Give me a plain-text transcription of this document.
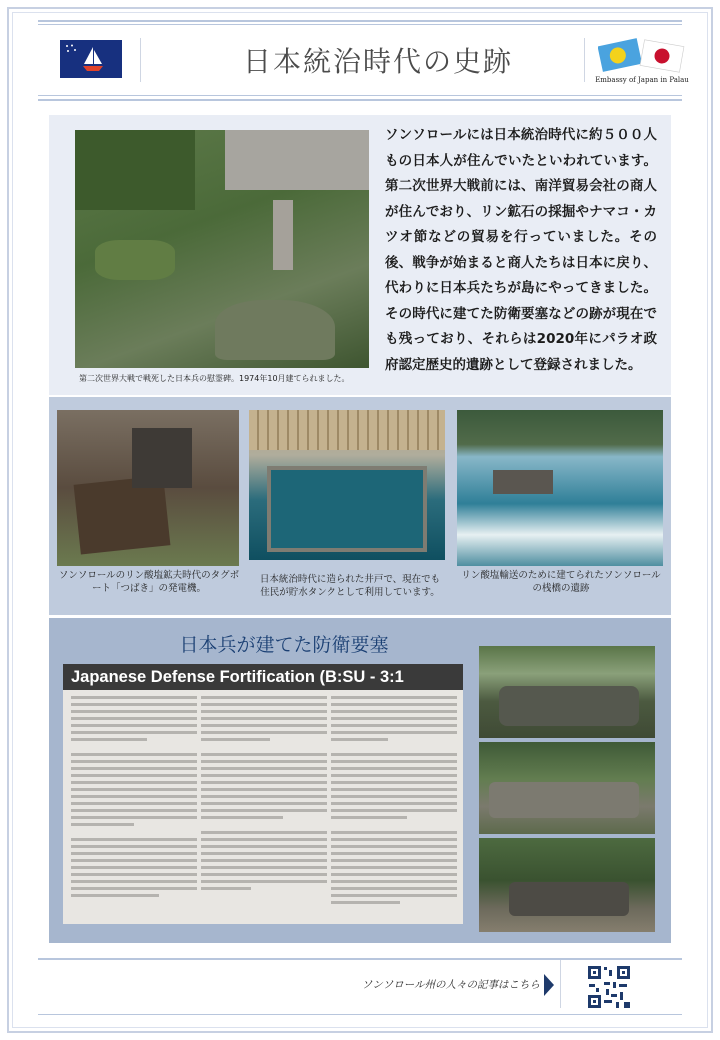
日本統治時代の史跡
Embassy of Japan in Palau
第二次世界大戦で戦死した日本兵の慰霊碑。1974年10月建てられました。
ソンソロールには日本統治時代に約５００人もの日本人が住んでいたといわれています。第二次世界大戦前には、南洋貿易会社の商人が住んでおり、リン鉱石の採掘やナマコ・カツオ節などの貿易を行っていました。その後、戦争が始まると商人たちは日本に戻り、代わりに日本兵たちが島にやってきました。その時代に建てた防衛要塞などの跡が現在でも残っており、それらは2020年にパラオ政府認定歴史的遺跡として登録されました。
ソンソロールのリン酸塩鉱夫時代のタグボート「つばき」の発電機。
日本統治時代に造られた井戸で、現在でも住民が貯水タンクとして利用しています。
リン酸塩輸送のために建てられたソンソロールの桟橋の遺跡
日本兵が建てた防衛要塞
Japanese Defense Fortification (B:SU - 3:1
ソンソロール州の人々の記事はこちら
